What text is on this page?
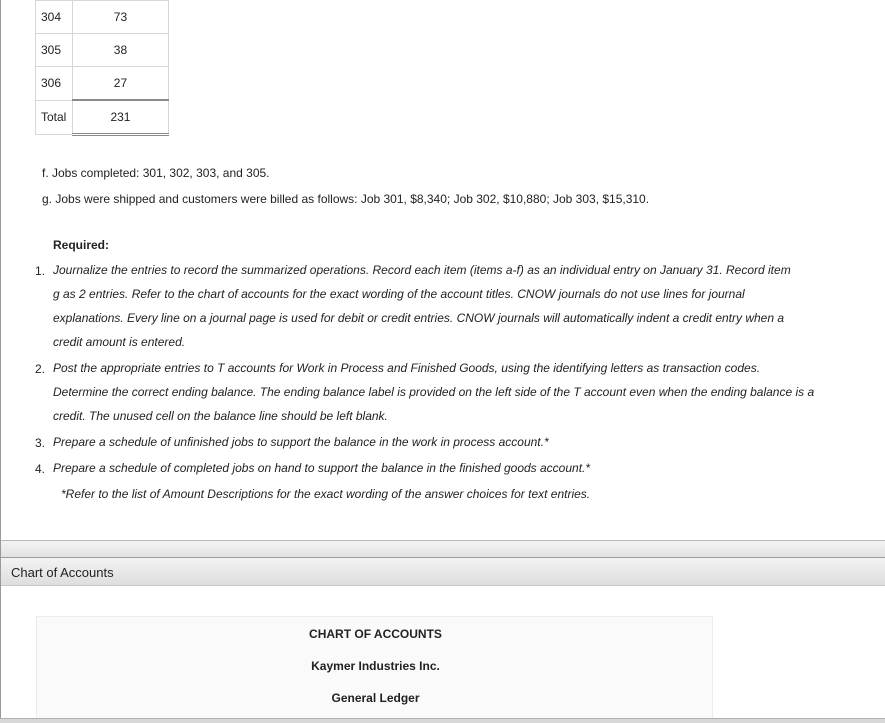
304	73
305	38
306	27
Total	231
f. Jobs completed: 301, 302, 303, and 305.
g. Jobs were shipped and customers were billed as follows: Job 301, $8,340; Job 302, $10,880; Job 303, $15,310.
Required:
1. Journalize the entries to record the summarized operations. Record each item (items a-f) as an individual entry on January 31. Record item
g as 2 entries. Refer to the chart of accounts for the exact wording of the account titles. CNOW journals do not use lines for journal
explanations. Every line on a journal page is used for debit or credit entries. CNOW journals will automatically indent a credit entry when a
credit amount is entered.
2. Post the appropriate entries to T accounts for Work in Process and Finished Goods, using the identifying letters as transaction codes.
Determine the correct ending balance. The ending balance label is provided on the left side of the T account even when the ending balance is a
credit. The unused cell on the balance line should be left blank.
3. Prepare a schedule of unfinished jobs to support the balance in the work in process account.*
4. Prepare a schedule of completed jobs on hand to support the balance in the finished goods account.*
*Refer to the list of Amount Descriptions for the exact wording of the answer choices for text entries.
Chart of Accounts
CHART OF ACCOUNTS
Kaymer Industries Inc.
General Ledger
